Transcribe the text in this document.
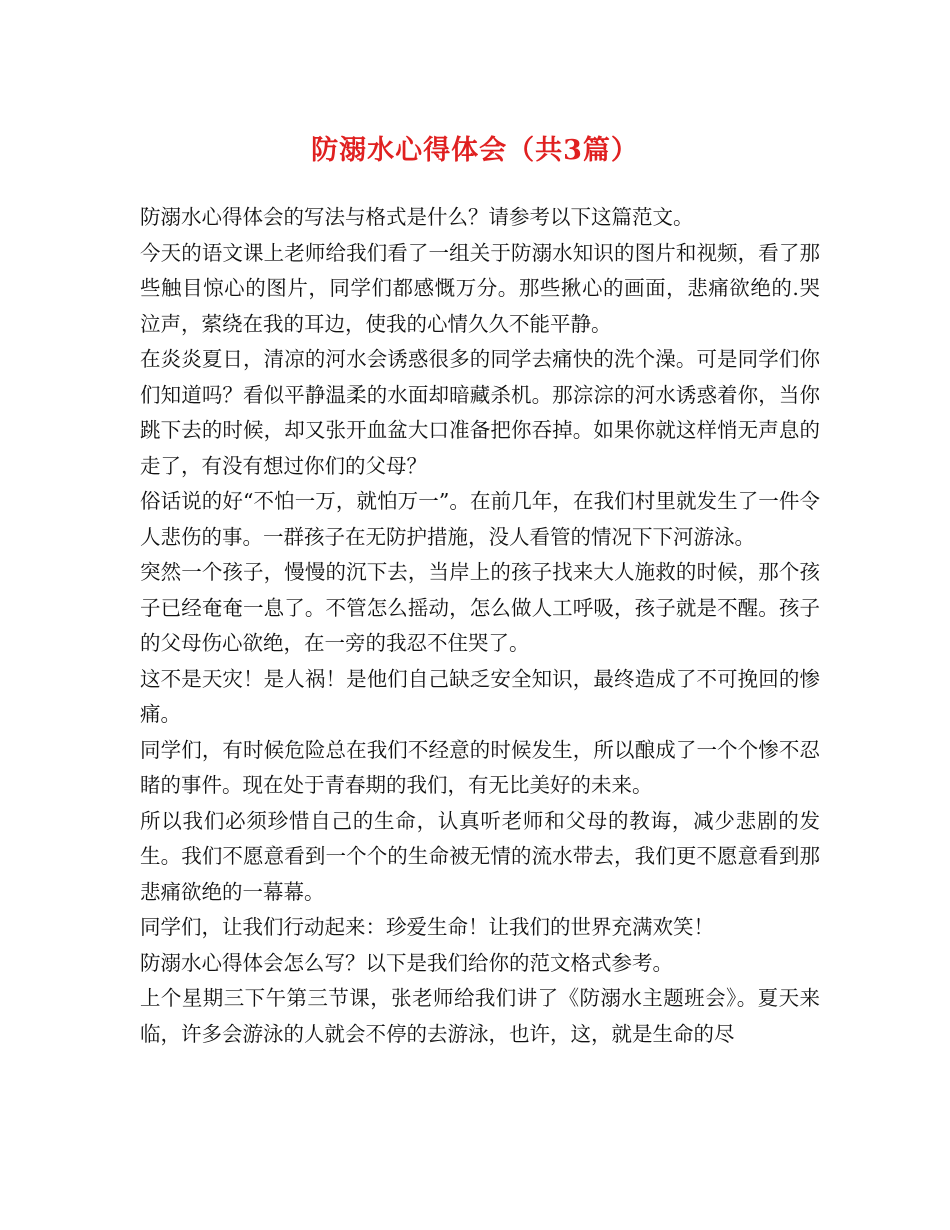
防溺水心得体会（共3篇）

防溺水心得体会的写法与格式是什么？请参考以下这篇范文。

今天的语文课上老师给我们看了一组关于防溺水知识的图片和视频，看了那些触目惊心的图片，同学们都感慨万分。那些揪心的画面，悲痛欲绝的.哭泣声，萦绕在我的耳边，使我的心情久久不能平静。

在炎炎夏日，清凉的河水会诱惑很多的同学去痛快的洗个澡。可是同学们你们知道吗？看似平静温柔的水面却暗藏杀机。那淙淙的河水诱惑着你，当你跳下去的时候，却又张开血盆大口准备把你吞掉。如果你就这样悄无声息的走了，有没有想过你们的父母？

俗话说的好“不怕一万，就怕万一”。在前几年，在我们村里就发生了一件令人悲伤的事。一群孩子在无防护措施，没人看管的情况下下河游泳。

突然一个孩子，慢慢的沉下去，当岸上的孩子找来大人施救的时候，那个孩子已经奄奄一息了。不管怎么摇动，怎么做人工呼吸，孩子就是不醒。孩子的父母伤心欲绝，在一旁的我忍不住哭了。

这不是天灾！是人祸！是他们自己缺乏安全知识，最终造成了不可挽回的惨痛。

同学们，有时候危险总在我们不经意的时候发生，所以酿成了一个个惨不忍睹的事件。现在处于青春期的我们，有无比美好的未来。

所以我们必须珍惜自己的生命，认真听老师和父母的教诲，减少悲剧的发生。我们不愿意看到一个个的生命被无情的流水带去，我们更不愿意看到那悲痛欲绝的一幕幕。

同学们，让我们行动起来：珍爱生命！让我们的世界充满欢笑！

防溺水心得体会怎么写？以下是我们给你的范文格式参考。

上个星期三下午第三节课，张老师给我们讲了《防溺水主题班会》。夏天来临，许多会游泳的人就会不停的去游泳，也许，这，就是生命的尽
